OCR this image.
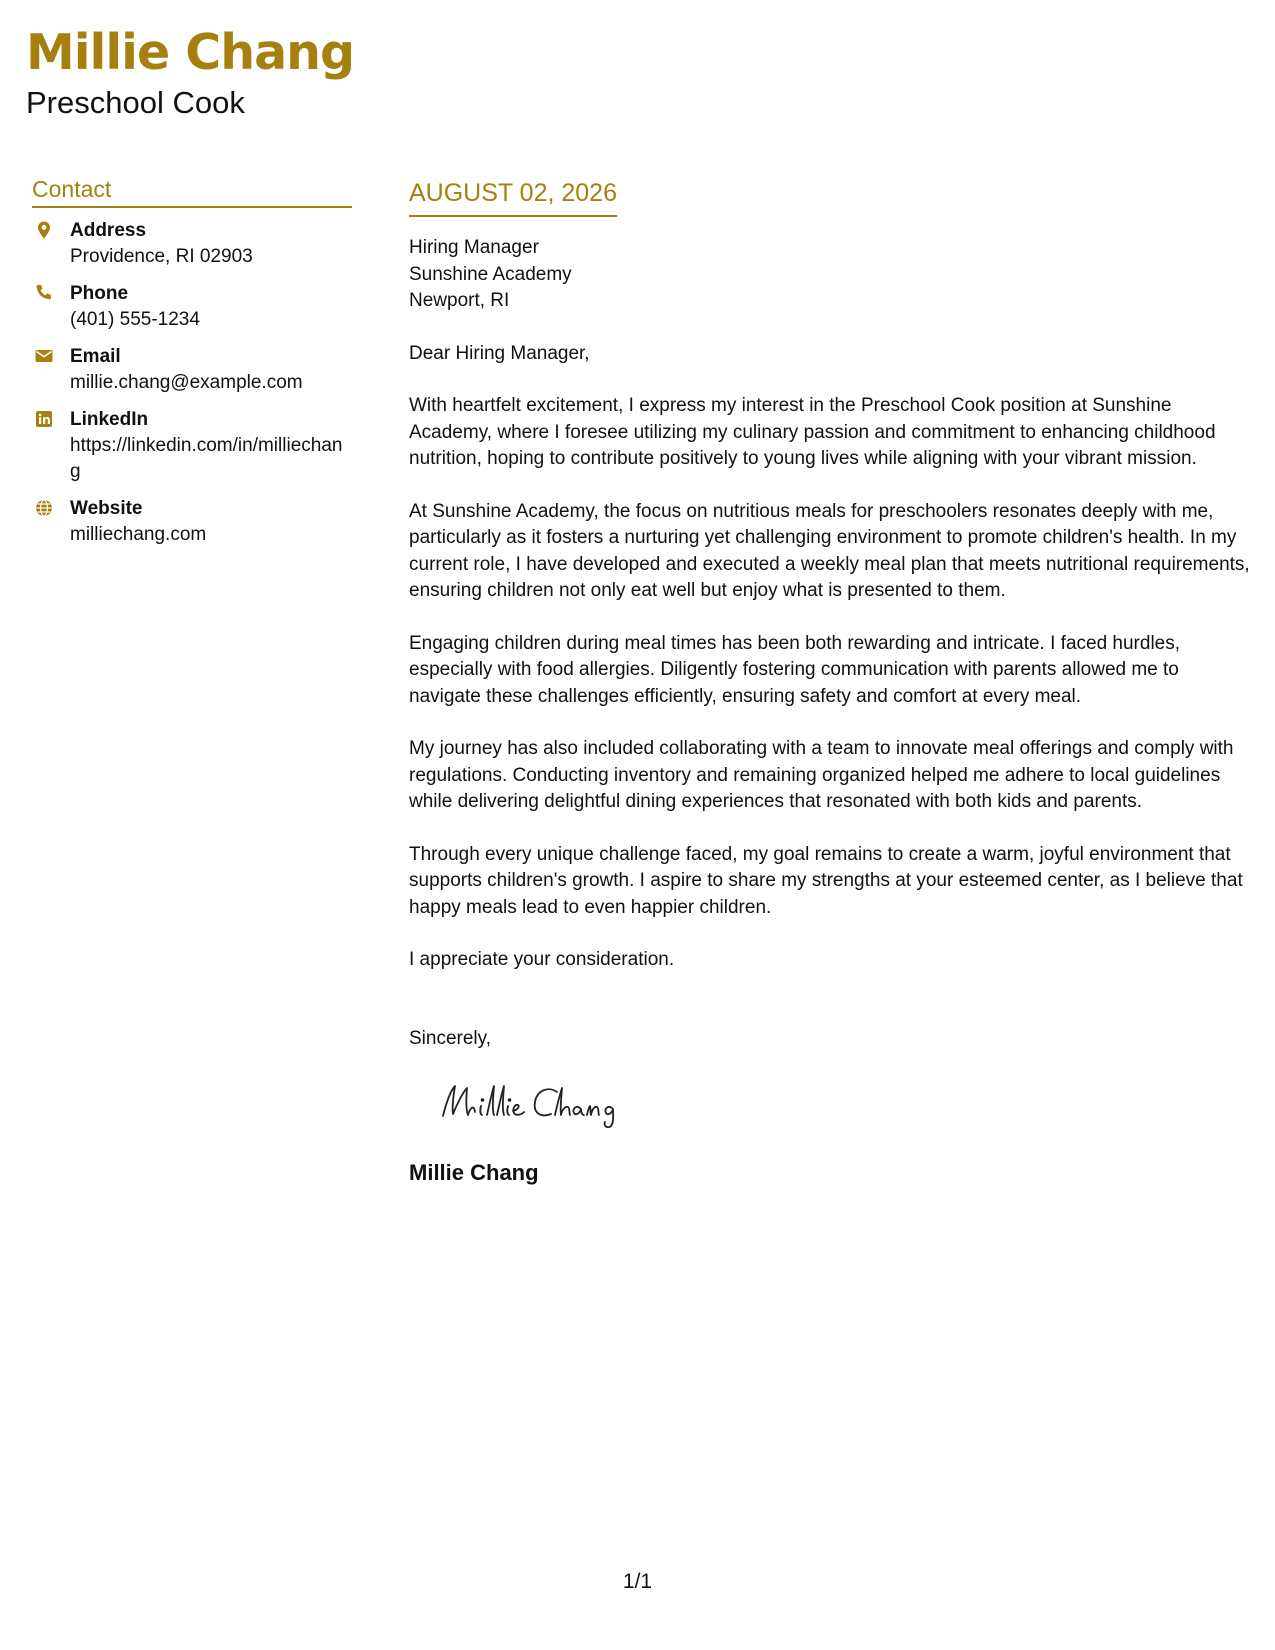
Millie Chang
Preschool Cook
Contact
Address
Providence, RI 02903
Phone
(401) 555-1234
Email
millie.chang@example.com
LinkedIn
https://linkedin.com/in/milliechang
Website
milliechang.com
AUGUST 02, 2026
Hiring Manager
Sunshine Academy
Newport, RI
Dear Hiring Manager,

With heartfelt excitement, I express my interest in the Preschool Cook position at Sunshine Academy, where I foresee utilizing my culinary passion and commitment to enhancing childhood nutrition, hoping to contribute positively to young lives while aligning with your vibrant mission.

At Sunshine Academy, the focus on nutritious meals for preschoolers resonates deeply with me, particularly as it fosters a nurturing yet challenging environment to promote children's health. In my current role, I have developed and executed a weekly meal plan that meets nutritional requirements, ensuring children not only eat well but enjoy what is presented to them.

Engaging children during meal times has been both rewarding and intricate. I faced hurdles, especially with food allergies. Diligently fostering communication with parents allowed me to navigate these challenges efficiently, ensuring safety and comfort at every meal.

My journey has also included collaborating with a team to innovate meal offerings and comply with regulations. Conducting inventory and remaining organized helped me adhere to local guidelines while delivering delightful dining experiences that resonated with both kids and parents.

Through every unique challenge faced, my goal remains to create a warm, joyful environment that supports children's growth. I aspire to share my strengths at your esteemed center, as I believe that happy meals lead to even happier children.

I appreciate your consideration.

Sincerely,
Millie Chang
1/1
